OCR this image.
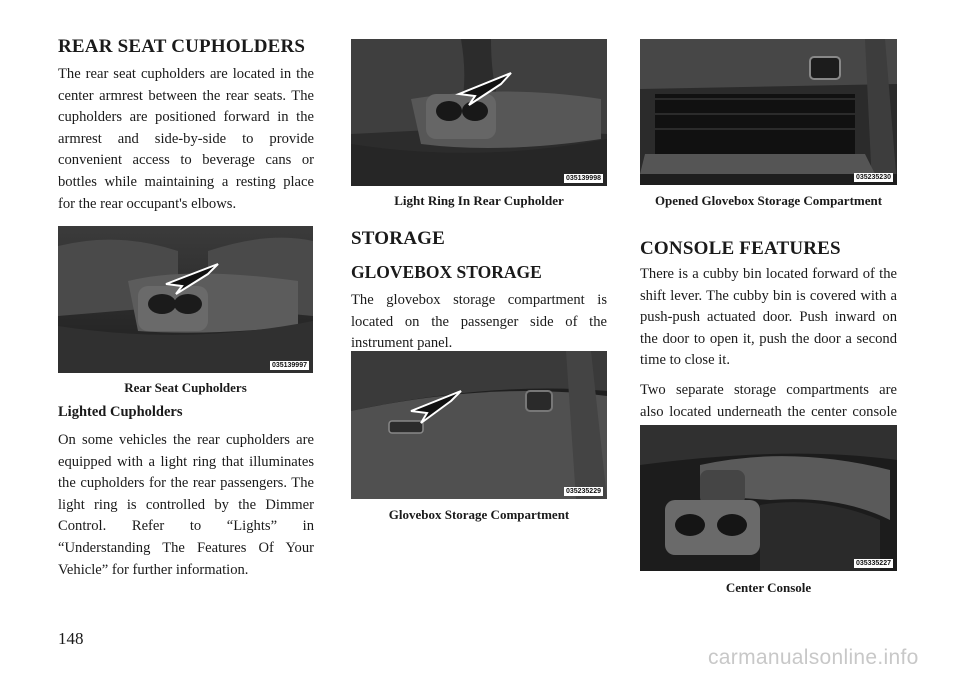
REAR SEAT CUPHOLDERS

The rear seat cupholders are located in the center armrest between the rear seats. The cupholders are positioned forward in the armrest and side-by-side to provide convenient access to beverage cans or bottles while maintaining a resting place for the rear occupant's elbows.

035139997
Rear Seat Cupholders
Lighted Cupholders

On some vehicles the rear cupholders are equipped with a light ring that illuminates the cupholders for the rear passengers. The light ring is controlled by the Dimmer Control. Refer to “Lights” in “Understanding The Features Of Your Vehicle” for further information.

035139998
Light Ring In Rear Cupholder
STORAGE
GLOVEBOX STORAGE

The glovebox storage compartment is located on the passenger side of the instrument panel.

035235229
Glovebox Storage Compartment
035235230
Opened Glovebox Storage Compartment
CONSOLE FEATURES

There is a cubby bin located forward of the shift lever. The cubby bin is covered with a push-push actuated door. Push inward on the door to open it, push the door a second time to close it.

Two separate storage compartments are also located underneath the center console

035335227
Center Console
148
carmanualsonline.info
